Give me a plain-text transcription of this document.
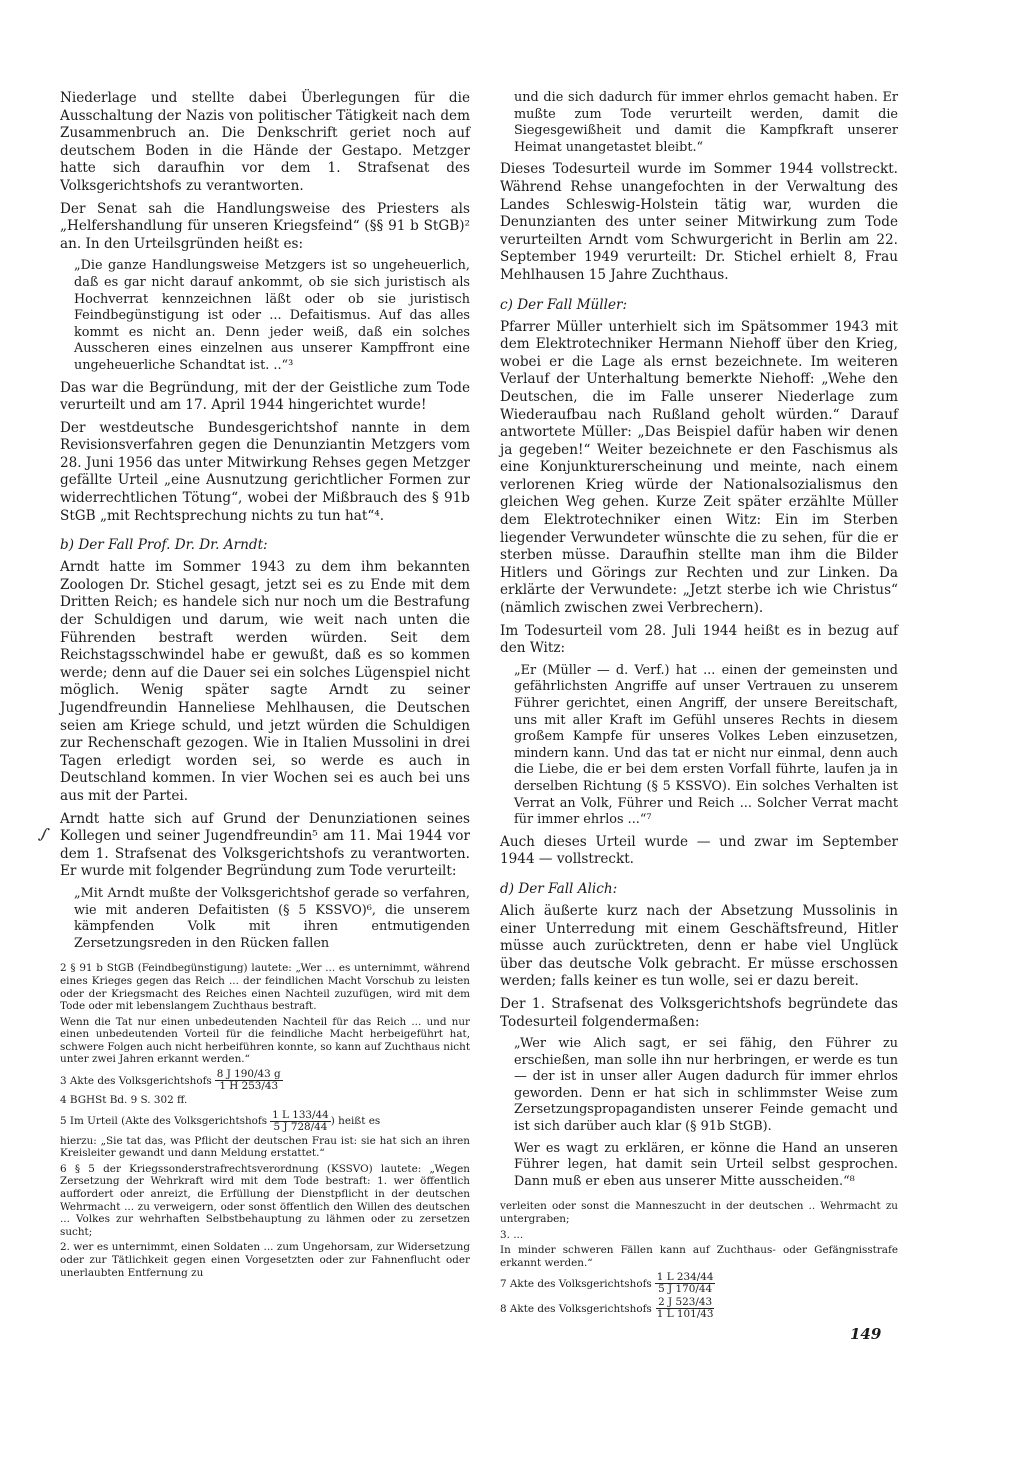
Niederlage und stellte dabei Überlegungen für die Ausschaltung der Nazis von politischer Tätigkeit nach dem Zusammenbruch an. Die Denkschrift geriet noch auf deutschem Boden in die Hände der Gestapo. Metzger hatte sich daraufhin vor dem 1. Strafsenat des Volksgerichtshofs zu verantworten.

Der Senat sah die Handlungsweise des Priesters als „Helfershandlung für unseren Kriegsfeind“ (§§ 91 b StGB)² an. In den Urteilsgründen heißt es:

„Die ganze Handlungsweise Metzgers ist so ungeheuerlich, daß es gar nicht darauf ankommt, ob sie sich juristisch als Hochverrat kennzeichnen läßt oder ob sie juristisch Feindbegünstigung ist oder ... Defaitismus. Auf das alles kommt es nicht an. Denn jeder weiß, daß ein solches Ausscheren eines einzelnen aus unserer Kampffront eine ungeheuerliche Schandtat ist. ..“³

Das war die Begründung, mit der der Geistliche zum Tode verurteilt und am 17. April 1944 hingerichtet wurde!

Der westdeutsche Bundesgerichtshof nannte in dem Revisionsverfahren gegen die Denunziantin Metzgers vom 28. Juni 1956 das unter Mitwirkung Rehses gegen Metzger gefällte Urteil „eine Ausnutzung gerichtlicher Formen zur widerrechtlichen Tötung“, wobei der Mißbrauch des § 91b StGB „mit Rechtsprechung nichts zu tun hat“⁴.

b) Der Fall Prof. Dr. Dr. Arndt:

Arndt hatte im Sommer 1943 zu dem ihm bekannten Zoologen Dr. Stichel gesagt, jetzt sei es zu Ende mit dem Dritten Reich; es handele sich nur noch um die Bestrafung der Schuldigen und darum, wie weit nach unten die Führenden bestraft werden würden. Seit dem Reichstagsschwindel habe er gewußt, daß es so kommen werde; denn auf die Dauer sei ein solches Lügenspiel nicht möglich. Wenig später sagte Arndt zu seiner Jugendfreundin Hanneliese Mehlhausen, die Deutschen seien am Kriege schuld, und jetzt würden die Schuldigen zur Rechenschaft gezogen. Wie in Italien Mussolini in drei Tagen erledigt worden sei, so werde es auch in Deutschland kommen. In vier Wochen sei es auch bei uns aus mit der Partei.

Arndt hatte sich auf Grund der Denunziationen seines Kollegen und seiner Jugendfreundin⁵ am 11. Mai 1944 vor dem 1. Strafsenat des Volksgerichtshofs zu verantworten. Er wurde mit folgender Begründung zum Tode verurteilt:

„Mit Arndt mußte der Volksgerichtshof gerade so verfahren, wie mit anderen Defaitisten (§ 5 KSSVO)⁶, die unserem kämpfenden Volk mit ihren entmutigenden Zersetzungsreden in den Rücken fallen

2 § 91 b StGB (Feindbegünstigung) lautete: „Wer ... es unternimmt, während eines Krieges gegen das Reich ... der feindlichen Macht Vorschub zu leisten oder der Kriegsmacht des Reiches einen Nachteil zuzufügen, wird mit dem Tode oder mit lebenslangem Zuchthaus bestraft.
Wenn die Tat nur einen unbedeutenden Nachteil für das Reich ... und nur einen unbedeutenden Vorteil für die feindliche Macht herbeigeführt hat, schwere Folgen auch nicht herbeiführen konnte, so kann auf Zuchthaus nicht unter zwei Jahren erkannt werden.“
3 Akte des Volksgerichtshofs $\frac{8 J 190/43 g}{1 H 253/43}$
4 BGHSt Bd. 9 S. 302 ff.
5 Im Urteil (Akte des Volksgerichtshofs $\frac{1 L 133/44}{5 J 728/44}$ ) heißt es
hierzu: „Sie tat das, was Pflicht der deutschen Frau ist: sie hat sich an ihren Kreisleiter gewandt und dann Meldung erstattet.“
6 § 5 der Kriegssonderstrafrechtsverordnung (KSSVO) lautete: „Wegen Zersetzung der Wehrkraft wird mit dem Tode bestraft: 1. wer öffentlich auffordert oder anreizt, die Erfüllung der Dienstpflicht in der deutschen Wehrmacht ... zu verweigern, oder sonst öffentlich den Willen des deutschen ... Volkes zur wehrhaften Selbstbehauptung zu lähmen oder zu zersetzen sucht;
2. wer es unternimmt, einen Soldaten ... zum Ungehorsam, zur Widersetzung oder zur Tätlichkeit gegen einen Vorgesetzten oder zur Fahnenflucht oder unerlaubten Entfernung zu

und die sich dadurch für immer ehrlos gemacht haben. Er mußte zum Tode verurteilt werden, damit die Siegesgewißheit und damit die Kampfkraft unserer Heimat unangetastet bleibt.“

Dieses Todesurteil wurde im Sommer 1944 vollstreckt. Während Rehse unangefochten in der Verwaltung des Landes Schleswig-Holstein tätig war, wurden die Denunzianten des unter seiner Mitwirkung zum Tode verurteilten Arndt vom Schwurgericht in Berlin am 22. September 1949 verurteilt: Dr. Stichel erhielt 8, Frau Mehlhausen 15 Jahre Zuchthaus.

c) Der Fall Müller:

Pfarrer Müller unterhielt sich im Spätsommer 1943 mit dem Elektrotechniker Hermann Niehoff über den Krieg, wobei er die Lage als ernst bezeichnete. Im weiteren Verlauf der Unterhaltung bemerkte Niehoff: „Wehe den Deutschen, die im Falle unserer Niederlage zum Wiederaufbau nach Rußland geholt würden.“ Darauf antwortete Müller: „Das Beispiel dafür haben wir denen ja gegeben!“ Weiter bezeichnete er den Faschismus als eine Konjunkturerscheinung und meinte, nach einem verlorenen Krieg würde der Nationalsozialismus den gleichen Weg gehen. Kurze Zeit später erzählte Müller dem Elektrotechniker einen Witz: Ein im Sterben liegender Verwundeter wünschte die zu sehen, für die er sterben müsse. Daraufhin stellte man ihm die Bilder Hitlers und Görings zur Rechten und zur Linken. Da erklärte der Verwundete: „Jetzt sterbe ich wie Christus“ (nämlich zwischen zwei Verbrechern).

Im Todesurteil vom 28. Juli 1944 heißt es in bezug auf den Witz:

„Er (Müller — d. Verf.) hat ... einen der gemeinsten und gefährlichsten Angriffe auf unser Vertrauen zu unserem Führer gerichtet, einen Angriff, der unsere Bereitschaft, uns mit aller Kraft im Gefühl unseres Rechts in diesem großem Kampfe für unseres Volkes Leben einzusetzen, mindern kann. Und das tat er nicht nur einmal, denn auch die Liebe, die er bei dem ersten Vorfall führte, laufen ja in derselben Richtung (§ 5 KSSVO). Ein solches Verhalten ist Verrat an Volk, Führer und Reich ... Solcher Verrat macht für immer ehrlos ...“⁷

Auch dieses Urteil wurde — und zwar im September 1944 — vollstreckt.

d) Der Fall Alich:

Alich äußerte kurz nach der Absetzung Mussolinis in einer Unterredung mit einem Geschäftsfreund, Hitler müsse auch zurücktreten, denn er habe viel Unglück über das deutsche Volk gebracht. Er müsse erschossen werden; falls keiner es tun wolle, sei er dazu bereit.

Der 1. Strafsenat des Volksgerichtshofs begründete das Todesurteil folgendermaßen:

„Wer wie Alich sagt, er sei fähig, den Führer zu erschießen, man solle ihn nur herbringen, er werde es tun — der ist in unser aller Augen dadurch für immer ehrlos geworden. Denn er hat sich in schlimmster Weise zum Zersetzungspropagandisten unserer Feinde gemacht und ist sich darüber auch klar (§ 91b StGB).

Wer es wagt zu erklären, er könne die Hand an unseren Führer legen, hat damit sein Urteil selbst gesprochen. Dann muß er eben aus unserer Mitte ausscheiden.“⁸

verleiten oder sonst die Manneszucht in der deutschen .. Wehrmacht zu untergraben;
3. ...
In minder schweren Fällen kann auf Zuchthaus- oder Gefängnisstrafe erkannt werden.“
7 Akte des Volksgerichtshofs $\frac{1 L 234/44}{5 J 170/44}$
8 Akte des Volksgerichtshofs $\frac{2 J 523/43}{1 L 101/43}$
149
∫
